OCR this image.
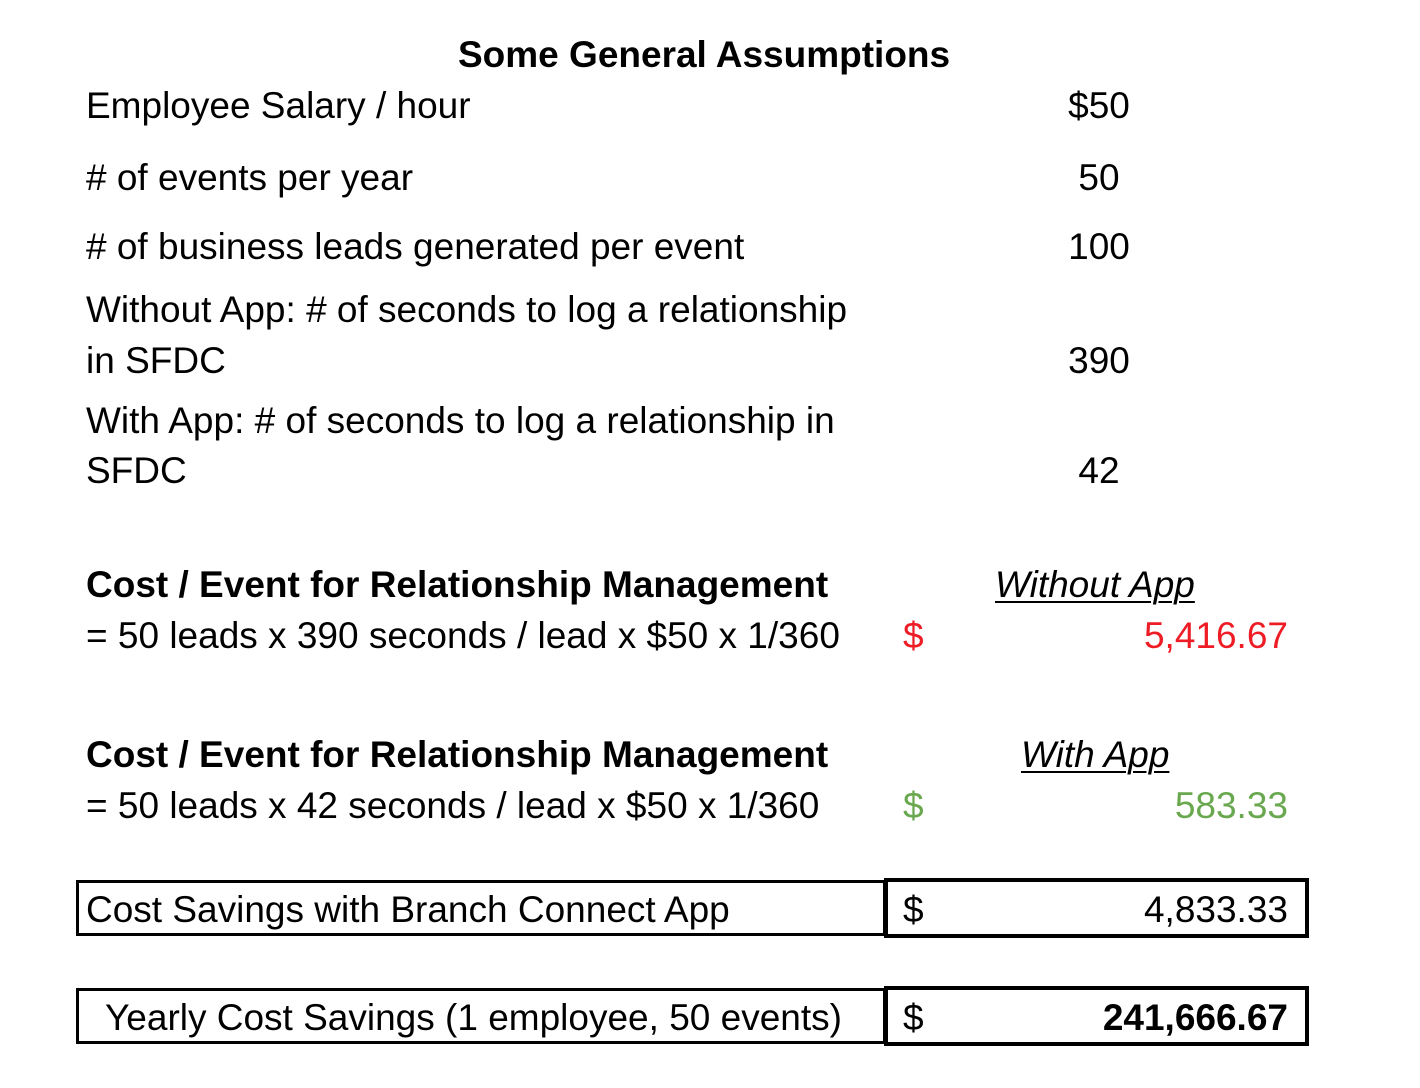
Some General Assumptions
Employee Salary / hour	$50
# of events per year	50
# of business leads generated per event	100
Without App: # of seconds to log a relationship
in SFDC	390
With App: # of seconds to log a relationship in
SFDC	42
Cost / Event for Relationship Management	Without App
= 50 leads x 390 seconds / lead x $50 x 1/360 $	5,416.67
Cost / Event for Relationship Management	With App
= 50 leads x 42 seconds / lead x $50 x 1/360 $	583.33
Cost Savings with Branch Connect App	$	4,833.33
Yearly Cost Savings (1 employee, 50 events) $	241,666.67
